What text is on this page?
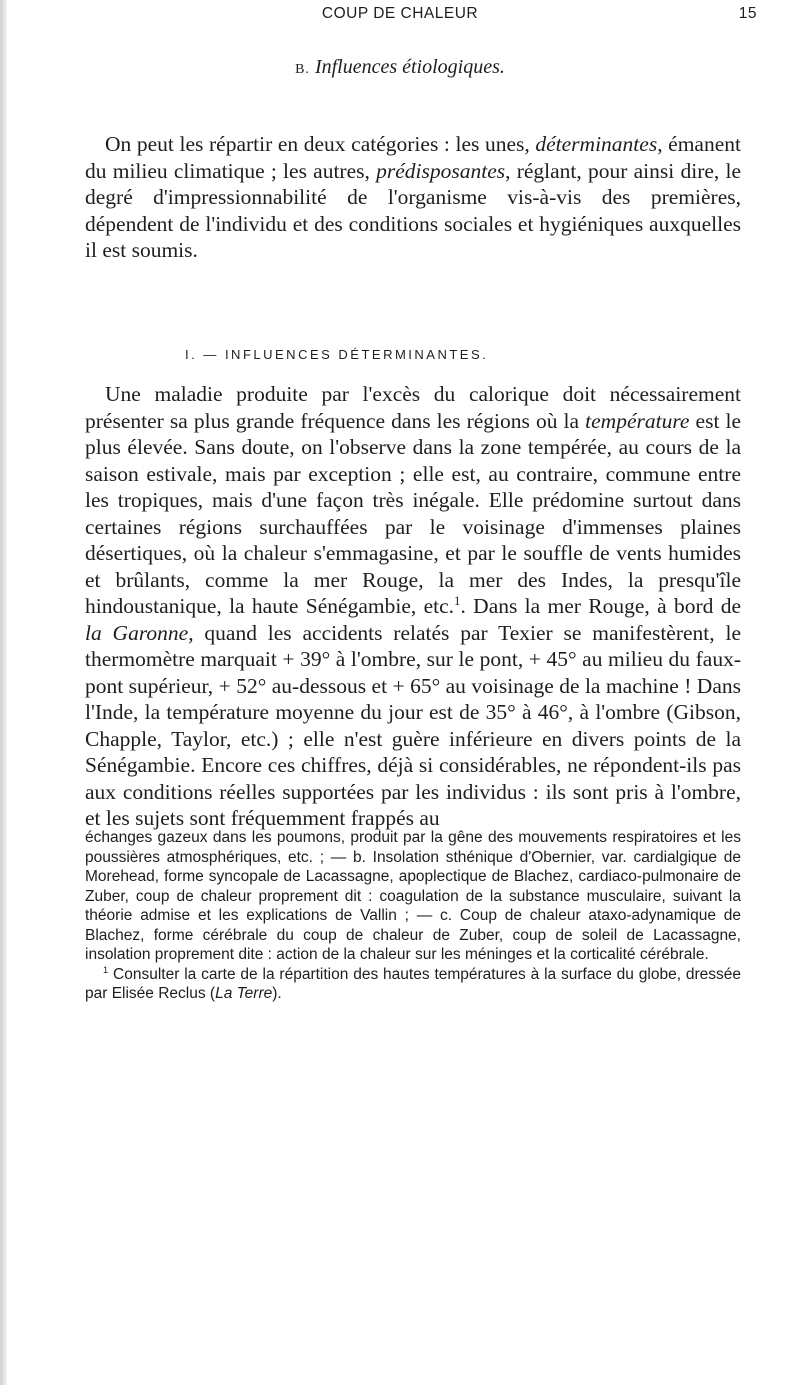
COUP DE CHALEUR	15
B. Influences étiologiques.

On peut les répartir en deux catégories : les unes, déterminantes, émanent du milieu climatique ; les autres, prédisposantes, réglant, pour ainsi dire, le degré d'impressionnabilité de l'organisme vis-à-vis des premières, dépendent de l'individu et des conditions sociales et hygiéniques auxquelles il est soumis.

I. — INFLUENCES DÉTERMINANTES.

Une maladie produite par l'excès du calorique doit nécessairement présenter sa plus grande fréquence dans les régions où la température est le plus élevée. Sans doute, on l'observe dans la zone tempérée, au cours de la saison estivale, mais par exception ; elle est, au contraire, commune entre les tropiques, mais d'une façon très inégale. Elle prédomine surtout dans certaines régions surchauffées par le voisinage d'immenses plaines désertiques, où la chaleur s'emmagasine, et par le souffle de vents humides et brûlants, comme la mer Rouge, la mer des Indes, la presqu'île hindoustanique, la haute Sénégambie, etc.$^1$. Dans la mer Rouge, à bord de la Garonne, quand les accidents relatés par Texier se manifestèrent, le thermomètre marquait + 39° à l'ombre, sur le pont, + 45° au milieu du faux-pont supérieur, + 52° au-dessous et + 65° au voisinage de la machine ! Dans l'Inde, la température moyenne du jour est de 35° à 46°, à l'ombre (Gibson, Chapple, Taylor, etc.) ; elle n'est guère inférieure en divers points de la Sénégambie. Encore ces chiffres, déjà si considérables, ne répondent-ils pas aux conditions réelles supportées par les individus : ils sont pris à l'ombre, et les sujets sont fréquemment frappés au

échanges gazeux dans les poumons, produit par la gêne des mouvements respiratoires et les poussières atmosphériques, etc. ; — b. Insolation sthénique d'Obernier, var. cardialgique de Morehead, forme syncopale de Lacassagne, apoplectique de Blachez, cardiaco-pulmonaire de Zuber, coup de chaleur proprement dit : coagulation de la substance musculaire, suivant la théorie admise et les explications de Vallin ; — c. Coup de chaleur ataxo-adynamique de Blachez, forme cérébrale du coup de chaleur de Zuber, coup de soleil de Lacassagne, insolation proprement dite : action de la chaleur sur les méninges et la corticalité cérébrale.

$^1$ Consulter la carte de la répartition des hautes températures à la surface du globe, dressée par Elisée Reclus (La Terre).
